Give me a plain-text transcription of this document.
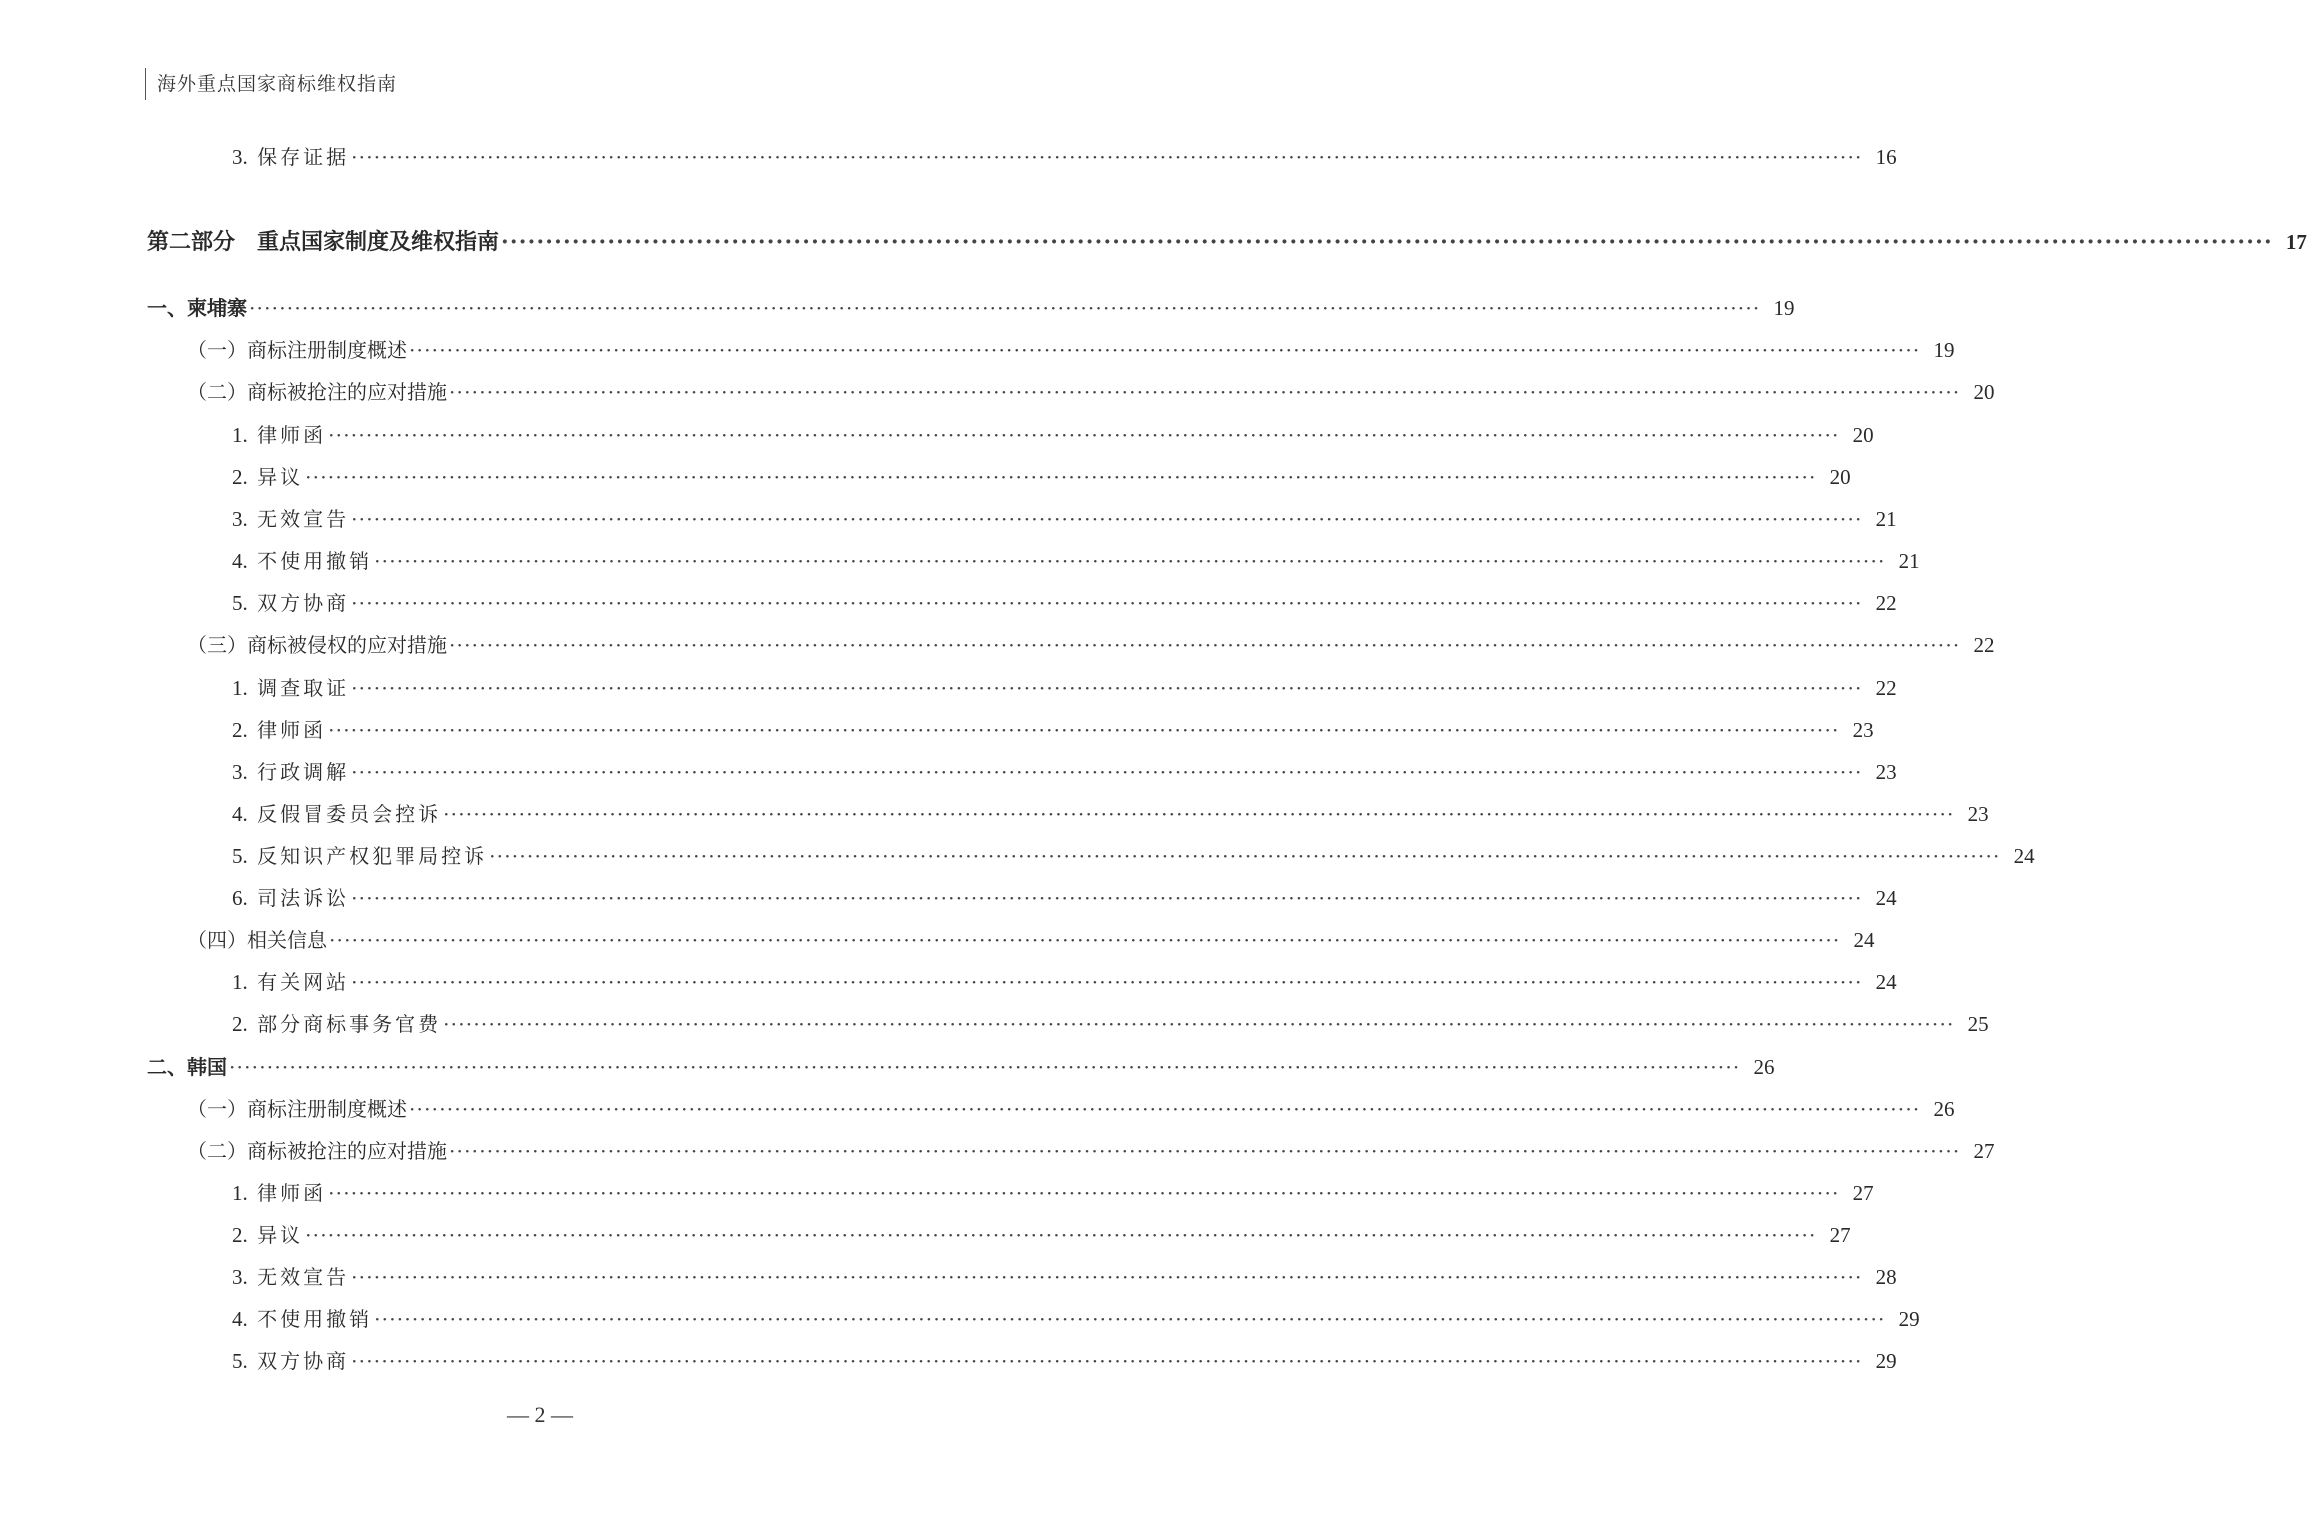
海外重点国家商标维权指南
3. 保存证据 ········································································································································································································ 16
第二部分　重点国家制度及维权指南 ········································································································································································································ 17
一、柬埔寨 ········································································································································································································ 19
（一）商标注册制度概述 ········································································································································································································ 19
（二）商标被抢注的应对措施 ········································································································································································································ 20
1. 律师函 ········································································································································································································ 20
2. 异议 ········································································································································································································ 20
3. 无效宣告 ········································································································································································································ 21
4. 不使用撤销 ········································································································································································································ 21
5. 双方协商 ········································································································································································································ 22
（三）商标被侵权的应对措施 ········································································································································································································ 22
1. 调查取证 ········································································································································································································ 22
2. 律师函 ········································································································································································································ 23
3. 行政调解 ········································································································································································································ 23
4. 反假冒委员会控诉 ········································································································································································································ 23
5. 反知识产权犯罪局控诉 ········································································································································································································ 24
6. 司法诉讼 ········································································································································································································ 24
（四）相关信息 ········································································································································································································ 24
1. 有关网站 ········································································································································································································ 24
2. 部分商标事务官费 ········································································································································································································ 25
二、韩国 ········································································································································································································ 26
（一）商标注册制度概述 ········································································································································································································ 26
（二）商标被抢注的应对措施 ········································································································································································································ 27
1. 律师函 ········································································································································································································ 27
2. 异议 ········································································································································································································ 27
3. 无效宣告 ········································································································································································································ 28
4. 不使用撤销 ········································································································································································································ 29
5. 双方协商 ········································································································································································································ 29
— 2 —
